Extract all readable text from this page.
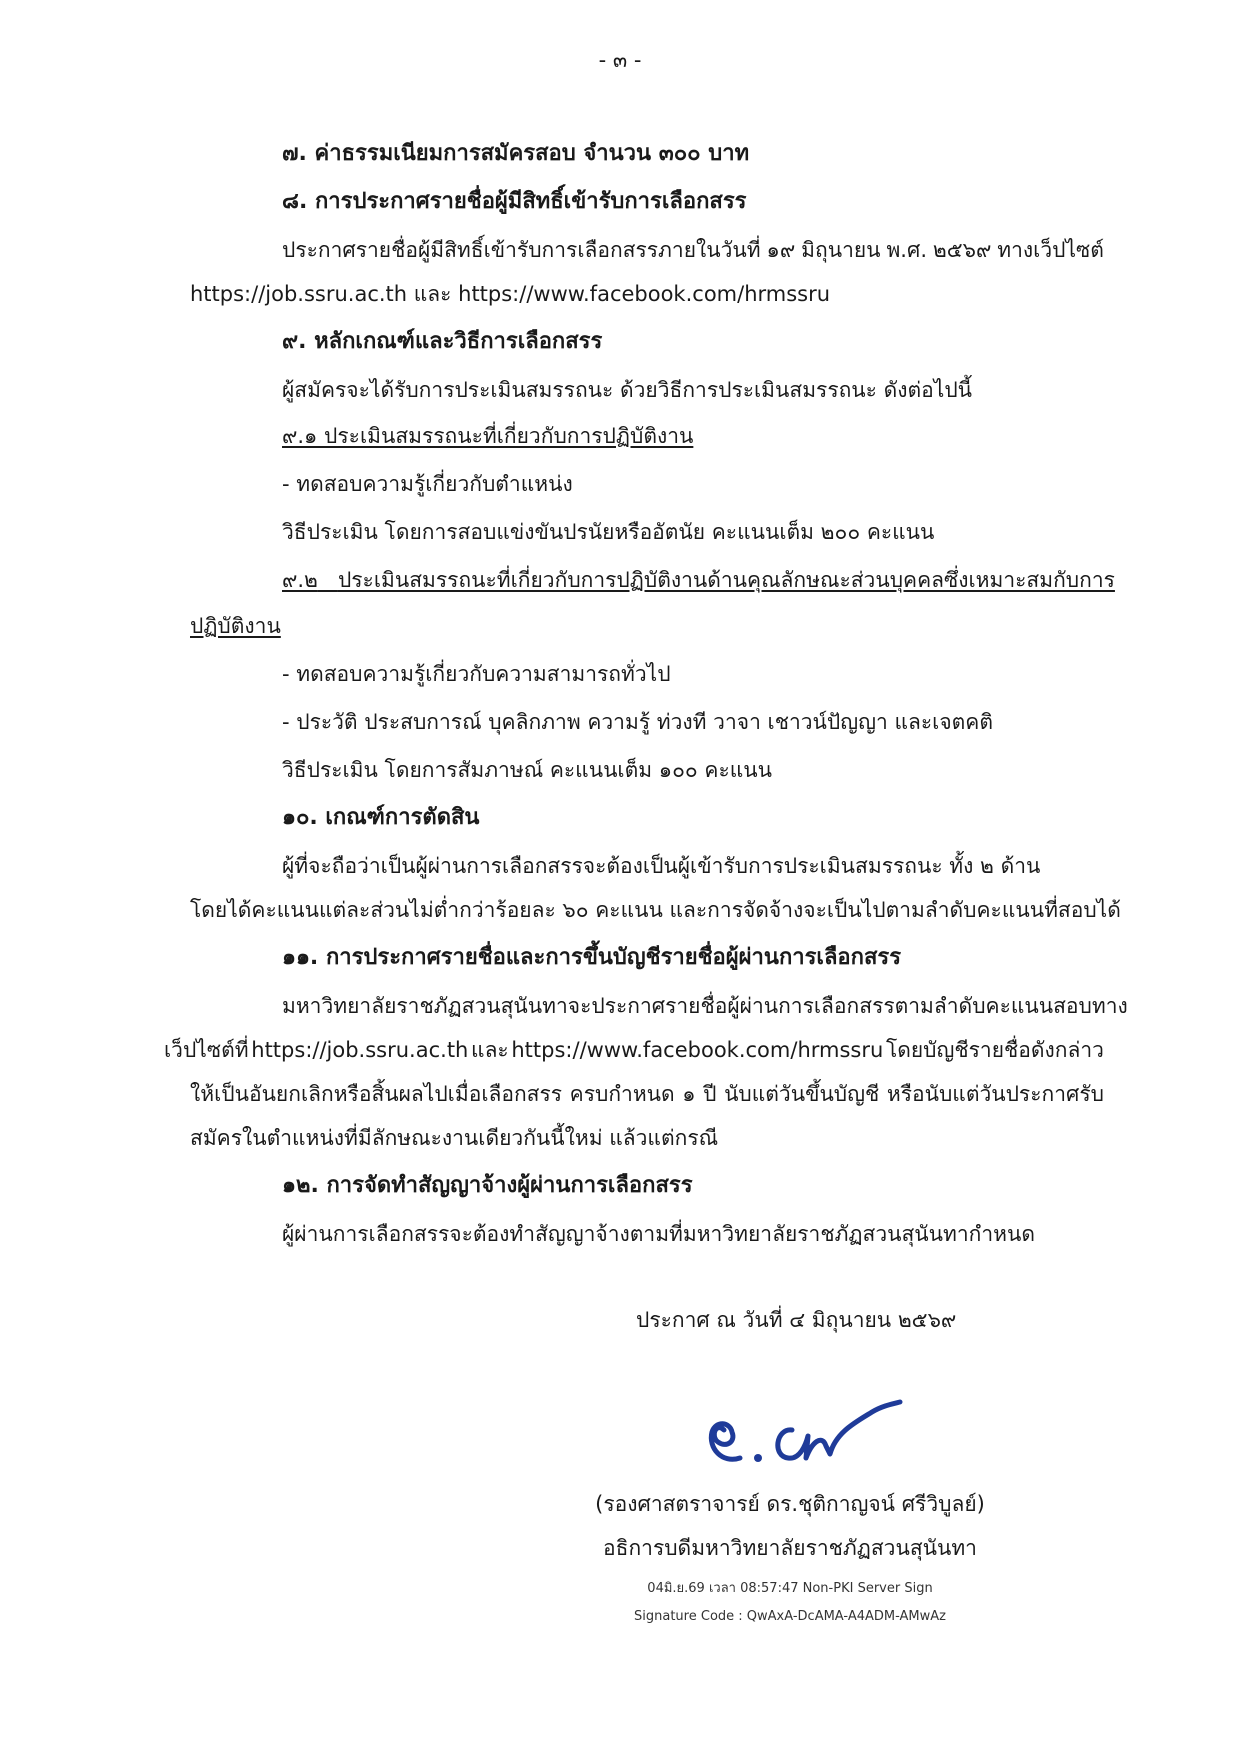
- ๓ -
๗. ค่าธรรมเนียมการสมัครสอบ จำนวน ๓๐๐ บาท
๘. การประกาศรายชื่อผู้มีสิทธิ์เข้ารับการเลือกสรร
ประกาศรายชื่อผู้มีสิทธิ์เข้ารับการเลือกสรรภายในวันที่ ๑๙ มิถุนายน พ.ศ. ๒๕๖๙ ทางเว็ปไซต์
https://job.ssru.ac.th และ https://www.facebook.com/hrmssru
๙. หลักเกณฑ์และวิธีการเลือกสรร
ผู้สมัครจะได้รับการประเมินสมรรถนะ ด้วยวิธีการประเมินสมรรถนะ ดังต่อไปนี้
๙.๑ ประเมินสมรรถนะที่เกี่ยวกับการปฏิบัติงาน
- ทดสอบความรู้เกี่ยวกับตำแหน่ง
วิธีประเมิน โดยการสอบแข่งขันปรนัยหรืออัตนัย คะแนนเต็ม ๒๐๐ คะแนน
๙.๒ ประเมินสมรรถนะที่เกี่ยวกับการปฏิบัติงานด้านคุณลักษณะส่วนบุคคลซึ่งเหมาะสมกับการ
ปฏิบัติงาน
- ทดสอบความรู้เกี่ยวกับความสามารถทั่วไป
- ประวัติ ประสบการณ์ บุคลิกภาพ ความรู้ ท่วงที วาจา เชาวน์ปัญญา และเจตคติ
วิธีประเมิน โดยการสัมภาษณ์ คะแนนเต็ม ๑๐๐ คะแนน
๑๐. เกณฑ์การตัดสิน
ผู้ที่จะถือว่าเป็นผู้ผ่านการเลือกสรรจะต้องเป็นผู้เข้ารับการประเมินสมรรถนะ ทั้ง ๒ ด้าน
โดยได้คะแนนแต่ละส่วนไม่ต่ำกว่าร้อยละ ๖๐ คะแนน และการจัดจ้างจะเป็นไปตามลำดับคะแนนที่สอบได้
๑๑. การประกาศรายชื่อและการขึ้นบัญชีรายชื่อผู้ผ่านการเลือกสรร
มหาวิทยาลัยราชภัฏสวนสุนันทา จะประกาศรายชื่อผู้ผ่านการเลือกสรรตามลำดับคะแนนสอบ ทาง
เว็ปไซต์ที่ https://job.ssru.ac.th และ https://www.facebook.com/hrmssru โดยบัญชีรายชื่อดังกล่าว
ให้เป็นอันยกเลิกหรือสิ้นผลไปเมื่อเลือกสรร ครบกำหนด ๑ ปี นับแต่วันขึ้นบัญชี หรือนับแต่วันประกาศรับ
สมัครในตำแหน่งที่มีลักษณะงานเดียวกันนี้ใหม่ แล้วแต่กรณี
๑๒. การจัดทำสัญญาจ้างผู้ผ่านการเลือกสรร
ผู้ผ่านการเลือกสรรจะต้องทำสัญญาจ้างตามที่มหาวิทยาลัยราชภัฏสวนสุนันทากำหนด
ประกาศ ณ วันที่ ๔ มิถุนายน ๒๕๖๙
(รองศาสตราจารย์ ดร.ชุติกาญจน์ ศรีวิบูลย์)
อธิการบดีมหาวิทยาลัยราชภัฏสวนสุนันทา
04มิ.ย.69 เวลา 08:57:47 Non-PKI Server Sign
Signature Code : QwAxA-DcAMA-A4ADM-AMwAz
